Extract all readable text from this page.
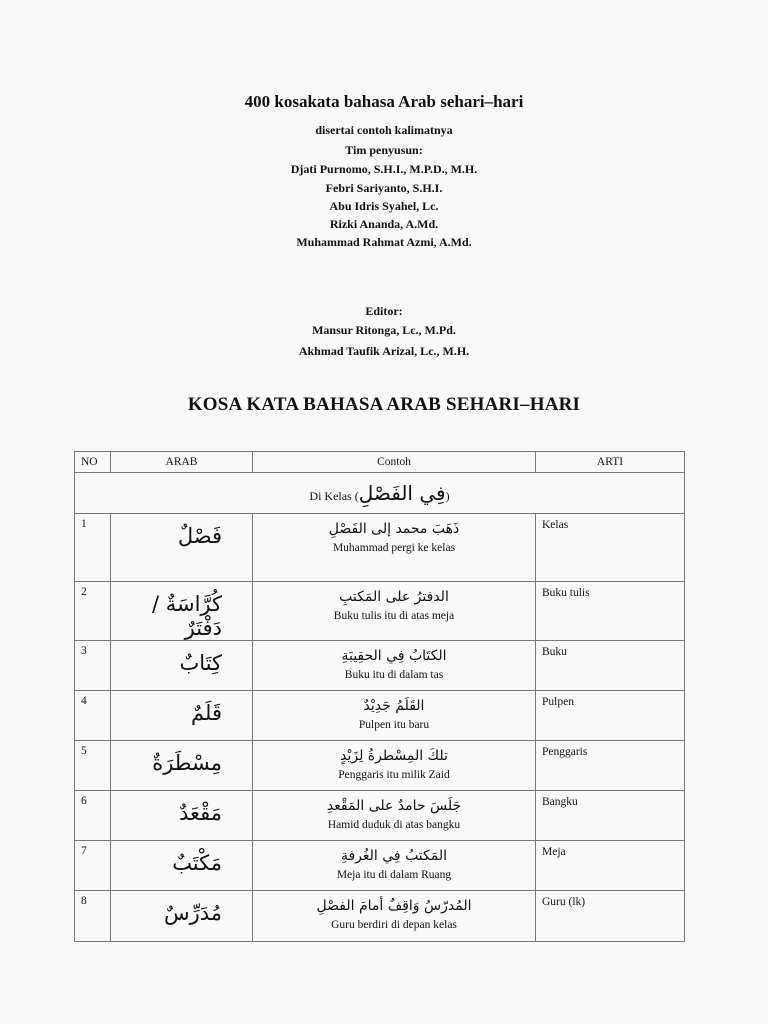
400 kosakata bahasa Arab sehari–hari
disertai contoh kalimatnya
Tim penyusun:
Djati Purnomo, S.H.I., M.P.D., M.H.
Febri Sariyanto, S.H.I.
Abu Idris Syahel, Lc.
Rizki Ananda, A.Md.
Muhammad Rahmat Azmi, A.Md.
Editor:
Mansur Ritonga, Lc., M.Pd.
Akhmad Taufik Arizal, Lc., M.H.
KOSA KATA BAHASA ARAB SEHARI–HARI
NO	ARAB	Contoh	ARTI
Di Kelas (فِي الفَصْلِ)			
1	فَصْلٌ	ذَهَبَ محمد إلى الفَصْلِ
Muhammad pergi ke kelas	Kelas
2	كُرَّاسَةٌ / دَفْتَرٌ	الدفترُ على المَكتبِ
Buku tulis itu di atas meja	Buku tulis
3	كِتَابٌ	الكتَابُ فِي الحقِيبَةِ
Buku itu di dalam tas	Buku
4	قَلَمٌ	القَلَمُ جَدِيْدٌ
Pulpen itu baru	Pulpen
5	مِسْطَرَةٌ	تلكَ المِسْطرةُ لِزَيْدٍ
Penggaris itu milik Zaid	Penggaris
6	مَقْعَدٌ	جَلَسَ حامدٌ على المَقْعدِ
Hamid duduk di atas bangku	Bangku
7	مَكْتَبٌ	المَكتبُ فِي الغُرفةِ
Meja itu di dalam Ruang	Meja
8	مُدَرِّسٌ	المُدرّسُ وَاقِفٌ أمامَ الفصْلِ
Guru berdiri di depan kelas	Guru (lk)
